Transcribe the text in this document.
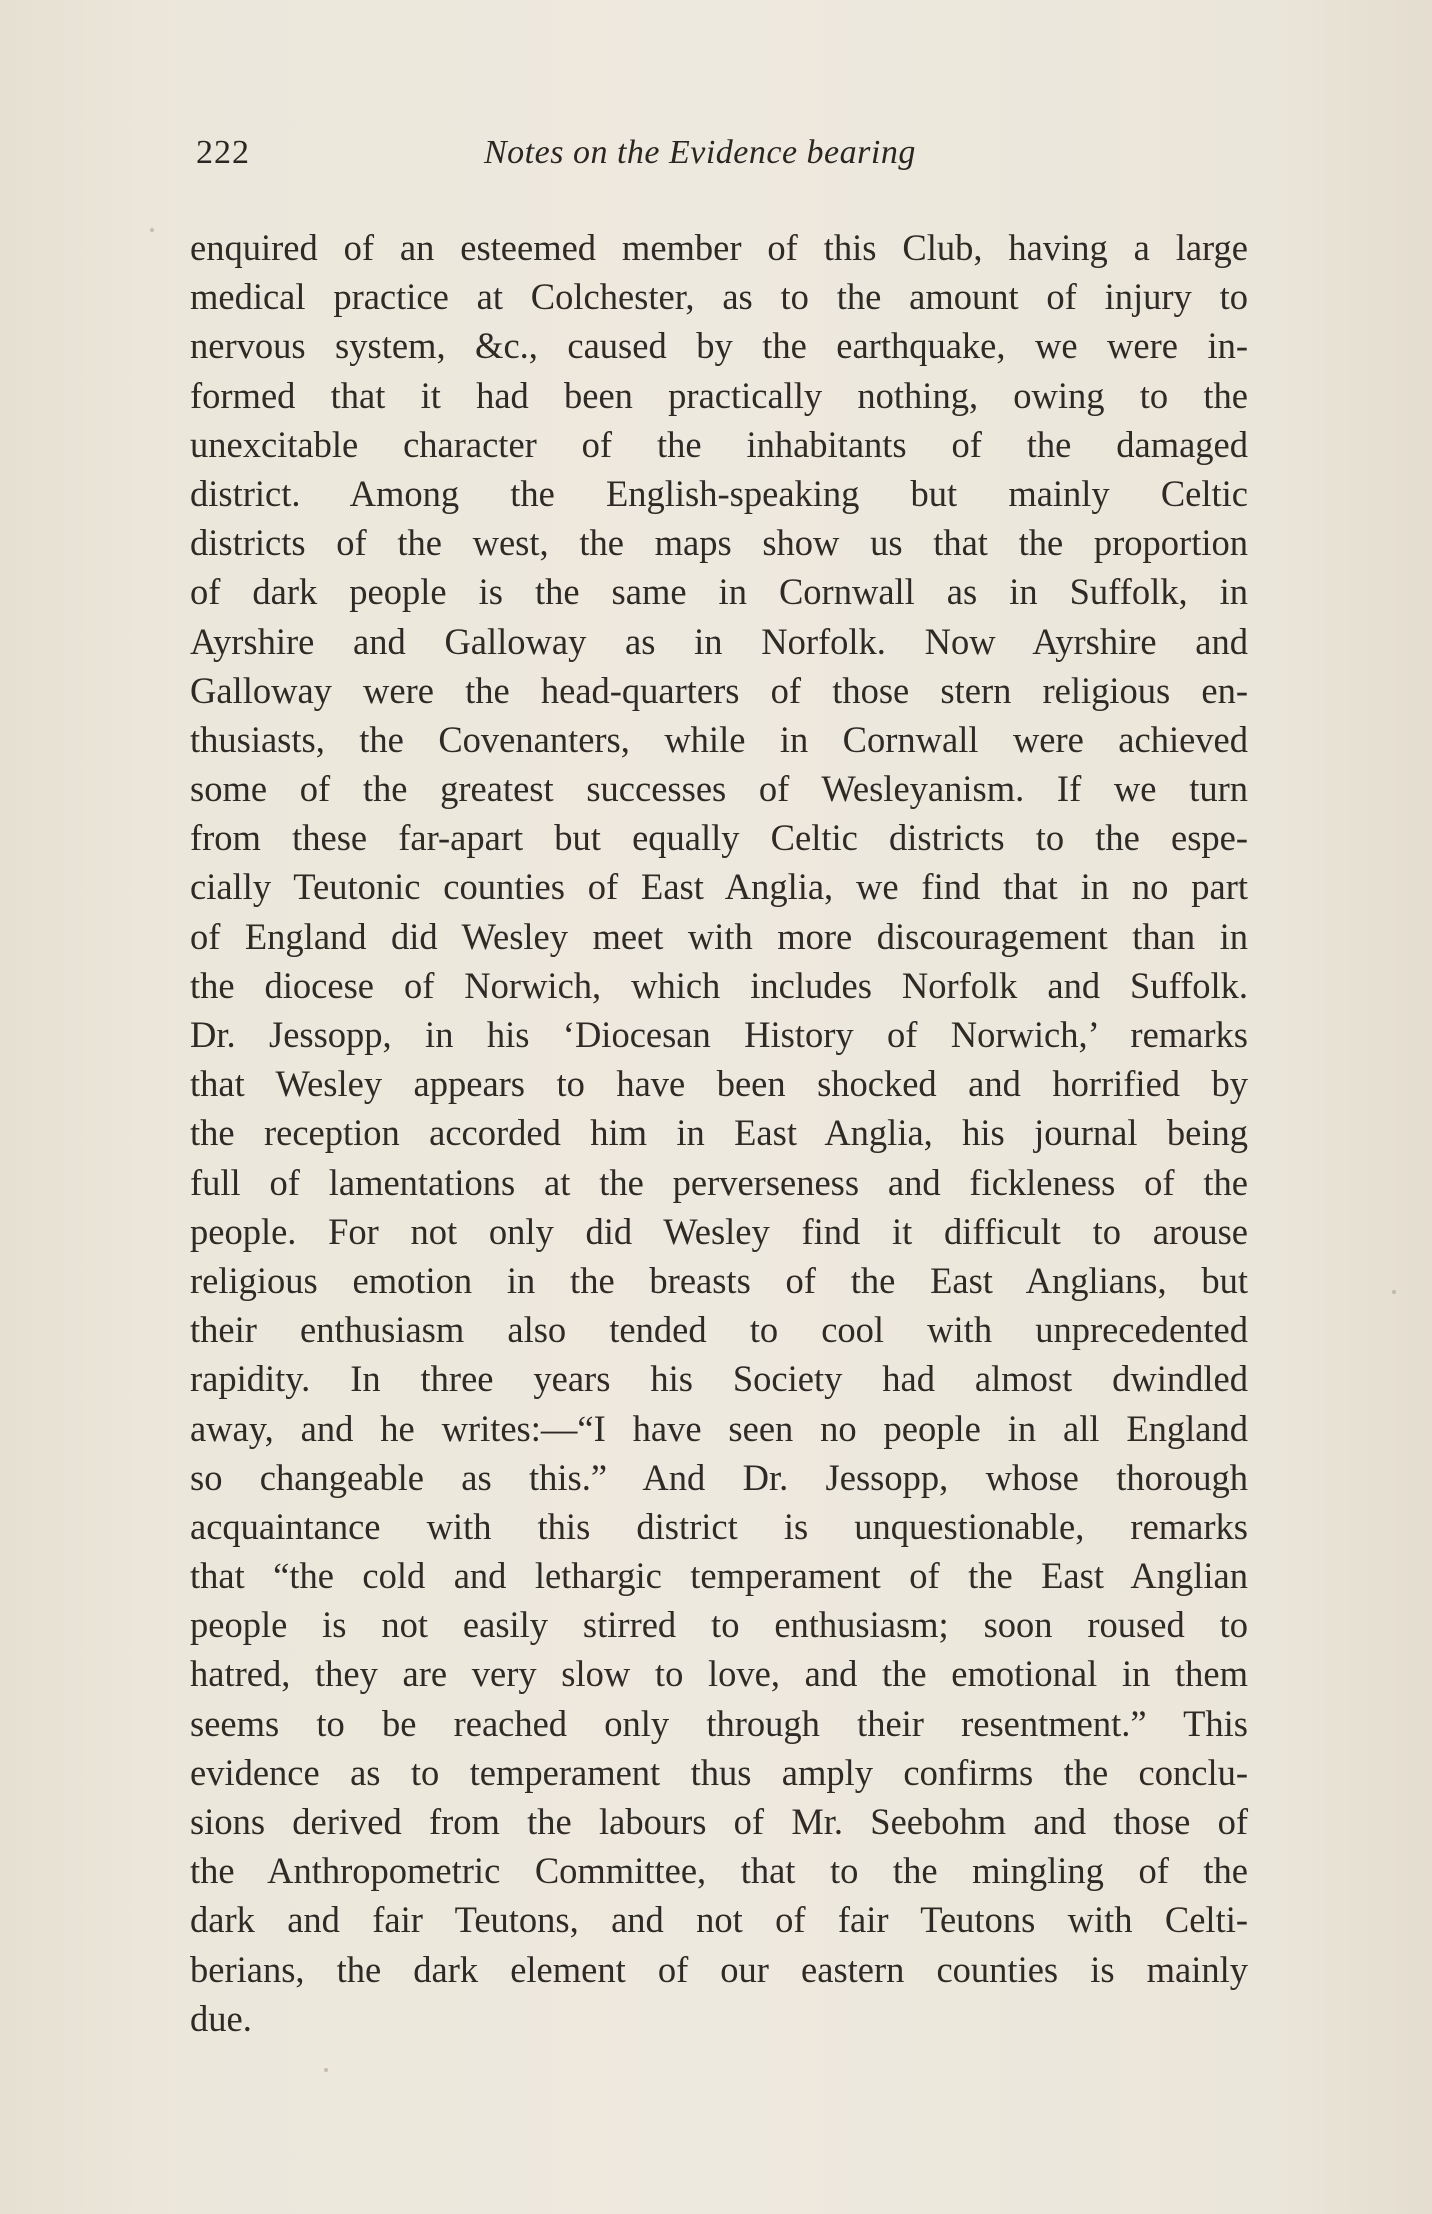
222	Notes on the Evidence bearing
enquired of an esteemed member of this Club, having a large
medical practice at Colchester, as to the amount of injury to
nervous system, &c., caused by the earthquake, we were in-
formed that it had been practically nothing, owing to the
unexcitable character of the inhabitants of the damaged
district. Among the English-speaking but mainly Celtic
districts of the west, the maps show us that the proportion
of dark people is the same in Cornwall as in Suffolk, in
Ayrshire and Galloway as in Norfolk. Now Ayrshire and
Galloway were the head-quarters of those stern religious en-
thusiasts, the Covenanters, while in Cornwall were achieved
some of the greatest successes of Wesleyanism. If we turn
from these far-apart but equally Celtic districts to the espe-
cially Teutonic counties of East Anglia, we find that in no part
of England did Wesley meet with more discouragement than in
the diocese of Norwich, which includes Norfolk and Suffolk.
Dr. Jessopp, in his ‘Diocesan History of Norwich,’ remarks
that Wesley appears to have been shocked and horrified by
the reception accorded him in East Anglia, his journal being
full of lamentations at the perverseness and fickleness of the
people. For not only did Wesley find it difficult to arouse
religious emotion in the breasts of the East Anglians, but
their enthusiasm also tended to cool with unprecedented
rapidity. In three years his Society had almost dwindled
away, and he writes:—“I have seen no people in all England
so changeable as this.” And Dr. Jessopp, whose thorough
acquaintance with this district is unquestionable, remarks
that “the cold and lethargic temperament of the East Anglian
people is not easily stirred to enthusiasm; soon roused to
hatred, they are very slow to love, and the emotional in them
seems to be reached only through their resentment.” This
evidence as to temperament thus amply confirms the conclu-
sions derived from the labours of Mr. Seebohm and those of
the Anthropometric Committee, that to the mingling of the
dark and fair Teutons, and not of fair Teutons with Celti-
berians, the dark element of our eastern counties is mainly
due.
